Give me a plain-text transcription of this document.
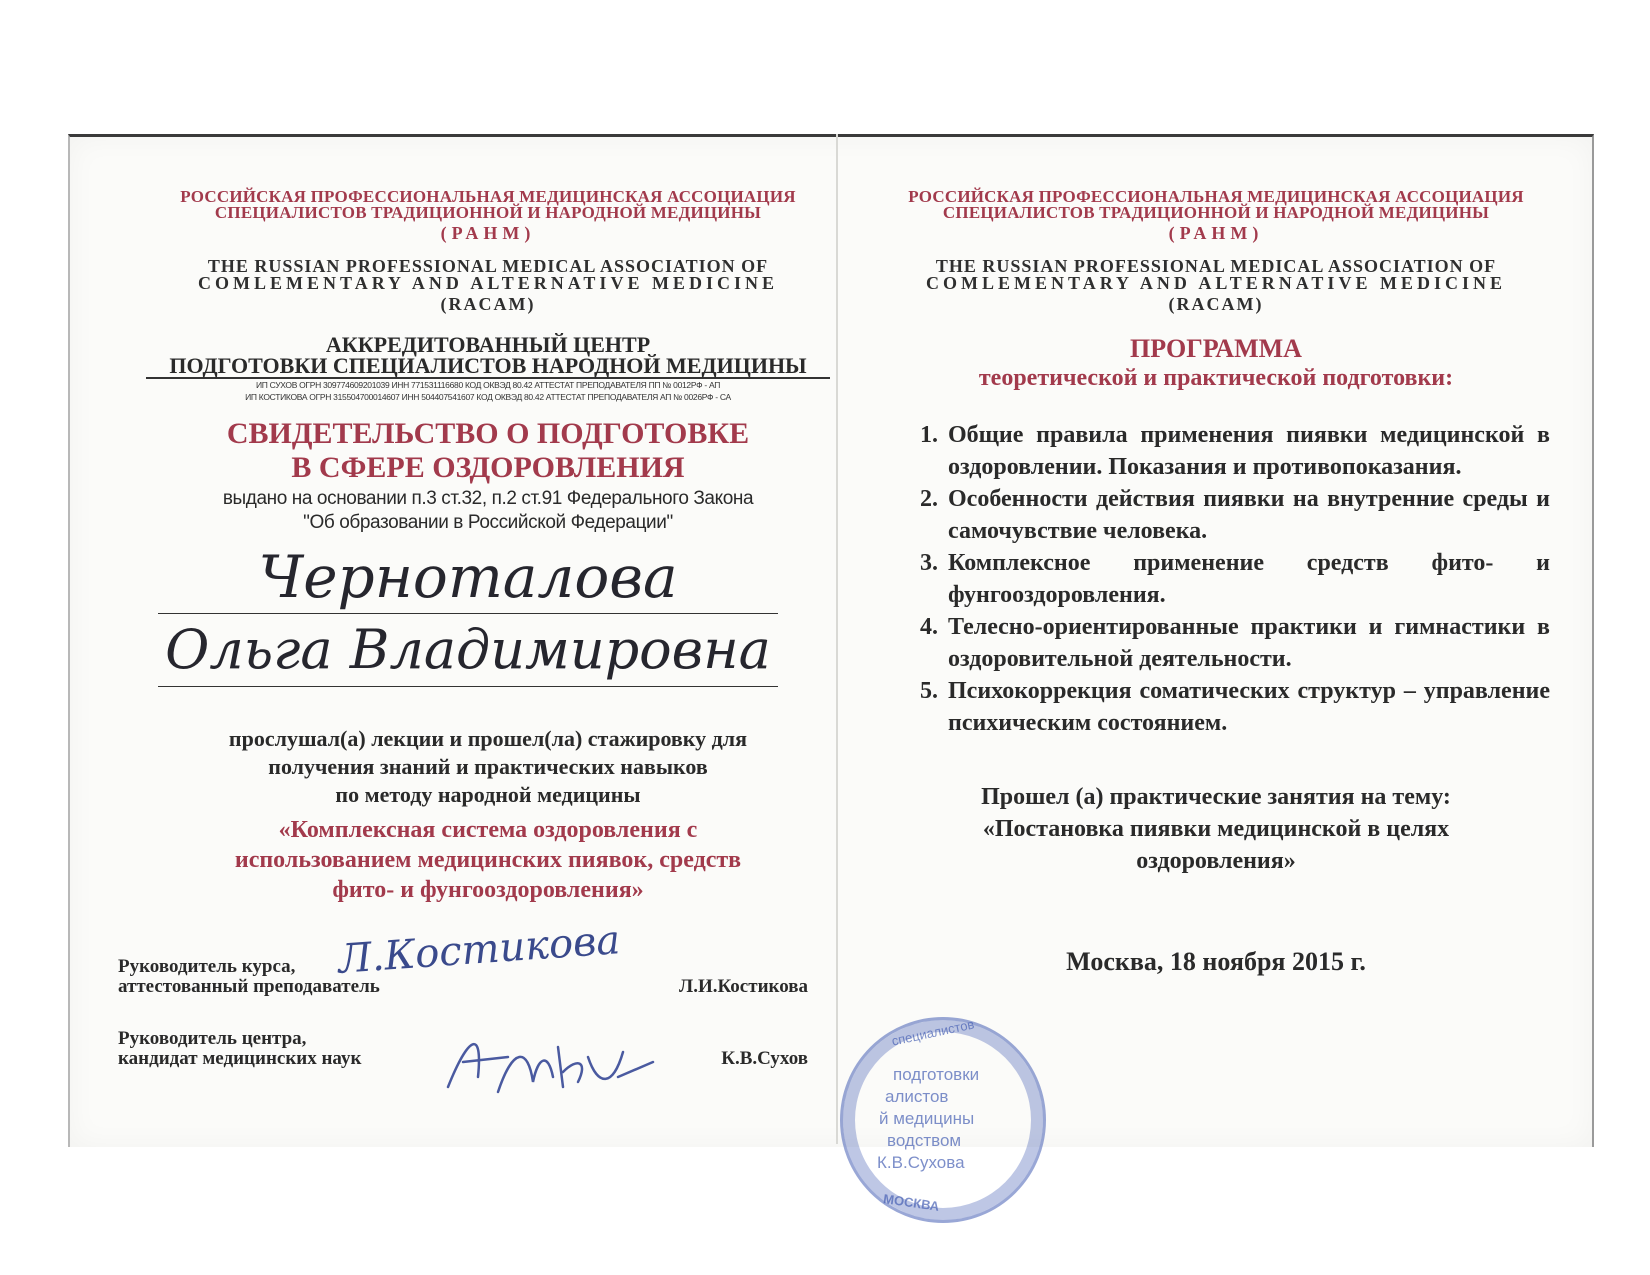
РОССИЙСКАЯ ПРОФЕССИОНАЛЬНАЯ МЕДИЦИНСКАЯ АССОЦИАЦИЯ
СПЕЦИАЛИСТОВ ТРАДИЦИОННОЙ И НАРОДНОЙ МЕДИЦИНЫ
(РАНМ)
THE RUSSIAN PROFESSIONAL MEDICAL ASSOCIATION OF
COMLEMENTARY AND ALTERNATIVE MEDICINE
(RACAM)
АККРЕДИТОВАННЫЙ ЦЕНТР
ПОДГОТОВКИ СПЕЦИАЛИСТОВ НАРОДНОЙ МЕДИЦИНЫ
ИП СУХОВ ОГРН 309774609201039 ИНН 771531116680 КОД ОКВЭД 80.42 АТТЕСТАТ ПРЕПОДАВАТЕЛЯ ПП № 0012РФ - АП
ИП КОСТИКОВА ОГРН 315504700014607 ИНН 504407541607 КОД ОКВЭД 80.42 АТТЕСТАТ ПРЕПОДАВАТЕЛЯ АП № 0026РФ - СА
СВИДЕТЕЛЬСТВО О ПОДГОТОВКЕ
В СФЕРЕ ОЗДОРОВЛЕНИЯ
выдано на основании п.3 ст.32, п.2 ст.91 Федерального Закона
"Об образовании в Российской Федерации"
Черноталова
Ольга Владимировна
прослушал(а) лекции и прошел(ла) стажировку для
получения знаний и практических навыков
по методу народной медицины
«Комплексная система оздоровления с
использованием медицинских пиявок, средств
фито- и фунгооздоровления»
Руководитель курса,
аттестованный преподаватель	Л.И.Костикова
Л.Костикова
Руководитель центра,
кандидат медицинских наук	К.В.Сухов
РОССИЙСКАЯ ПРОФЕССИОНАЛЬНАЯ МЕДИЦИНСКАЯ АССОЦИАЦИЯ
СПЕЦИАЛИСТОВ ТРАДИЦИОННОЙ И НАРОДНОЙ МЕДИЦИНЫ
(РАНМ)
THE RUSSIAN PROFESSIONAL MEDICAL ASSOCIATION OF
COMLEMENTARY AND ALTERNATIVE MEDICINE
(RACAM)
ПРОГРАММА
теоретической и практической подготовки:
1. Общие правила применения пиявки медицинской в оздоровлении. Показания и противопоказания.
2. Особенности действия пиявки на внутренние среды и самочувствие человека.
3. Комплексное применение средств фито- и фунгооздоровления.
4. Телесно-ориентированные практики и гимнастики в оздоровительной деятельности.
5. Психокоррекция соматических структур – управление психическим состоянием.
Прошел (а) практические занятия на тему:
«Постановка пиявки медицинской в целях
оздоровления»
Москва, 18 ноября 2015 г.
специалистов
подготовки
алистов
й медицины
водством
К.В.Сухова
МОСКВА
